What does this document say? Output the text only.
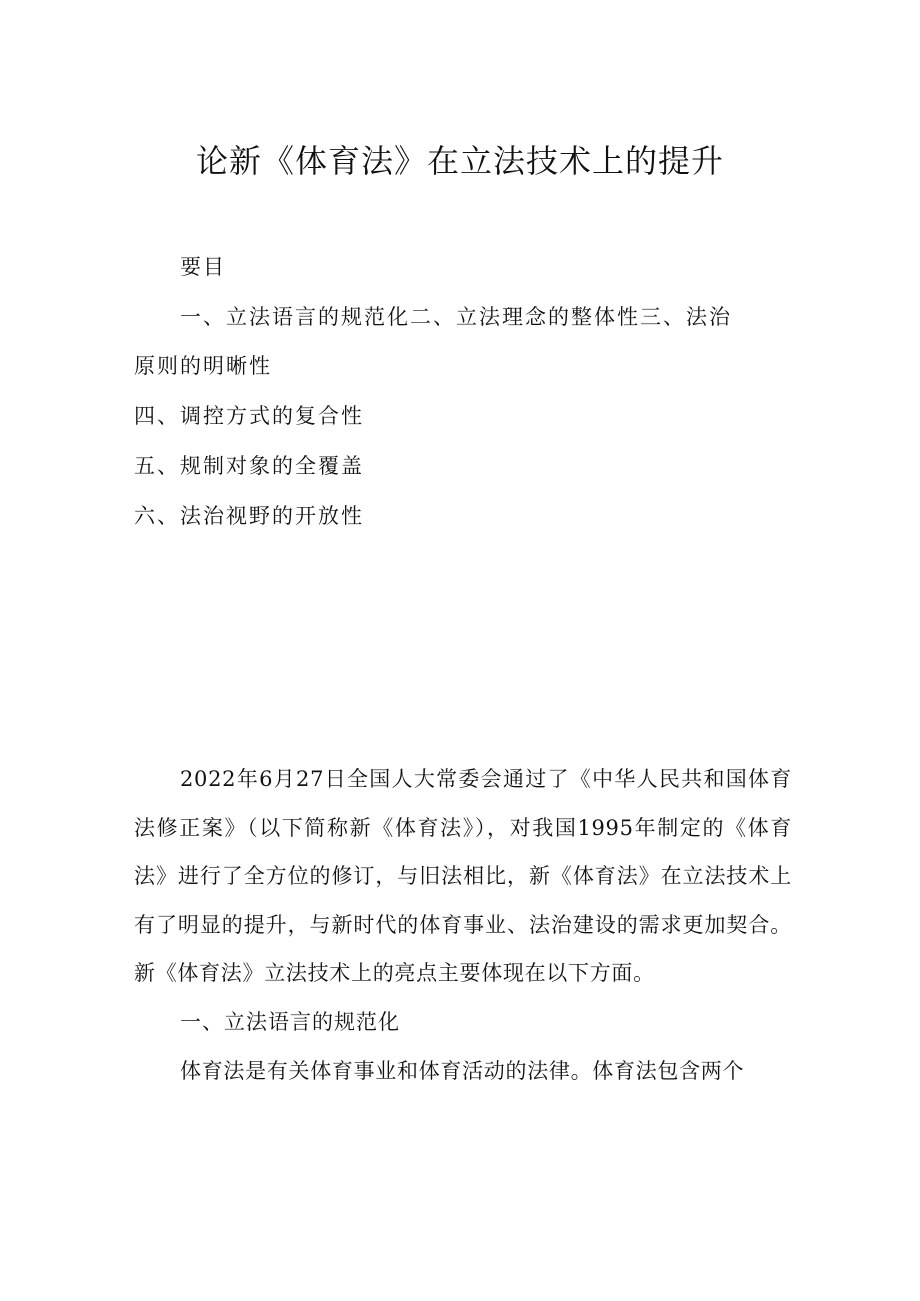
论新《体育法》在立法技术上的提升
要目
一、立法语言的规范化二、立法理念的整体性三、法治
原则的明晰性
四、调控方式的复合性
五、规制对象的全覆盖
六、法治视野的开放性

2022年6月27日全国人大常委会通过了《中华人民共和国体育法修正案》（以下简称新《体育法》），对我国1995年制定的《体育法》进行了全方位的修订，与旧法相比，新《体育法》在立法技术上有了明显的提升，与新时代的体育事业、法治建设的需求更加契合。新《体育法》立法技术上的亮点主要体现在以下方面。

一、立法语言的规范化

体育法是有关体育事业和体育活动的法律。体育法包含两个
